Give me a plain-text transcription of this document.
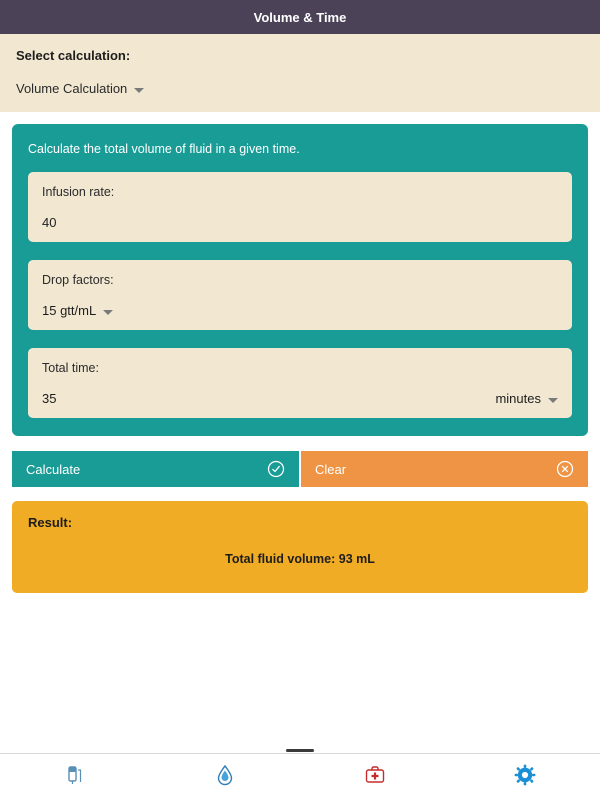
Volume & Time
Select calculation:
Volume Calculation
Calculate the total volume of fluid in a given time.
Infusion rate:
40
Drop factors:
15 gtt/mL
Total time:
35	minutes
Calculate	Clear
Result:
Total fluid volume: 93 mL
